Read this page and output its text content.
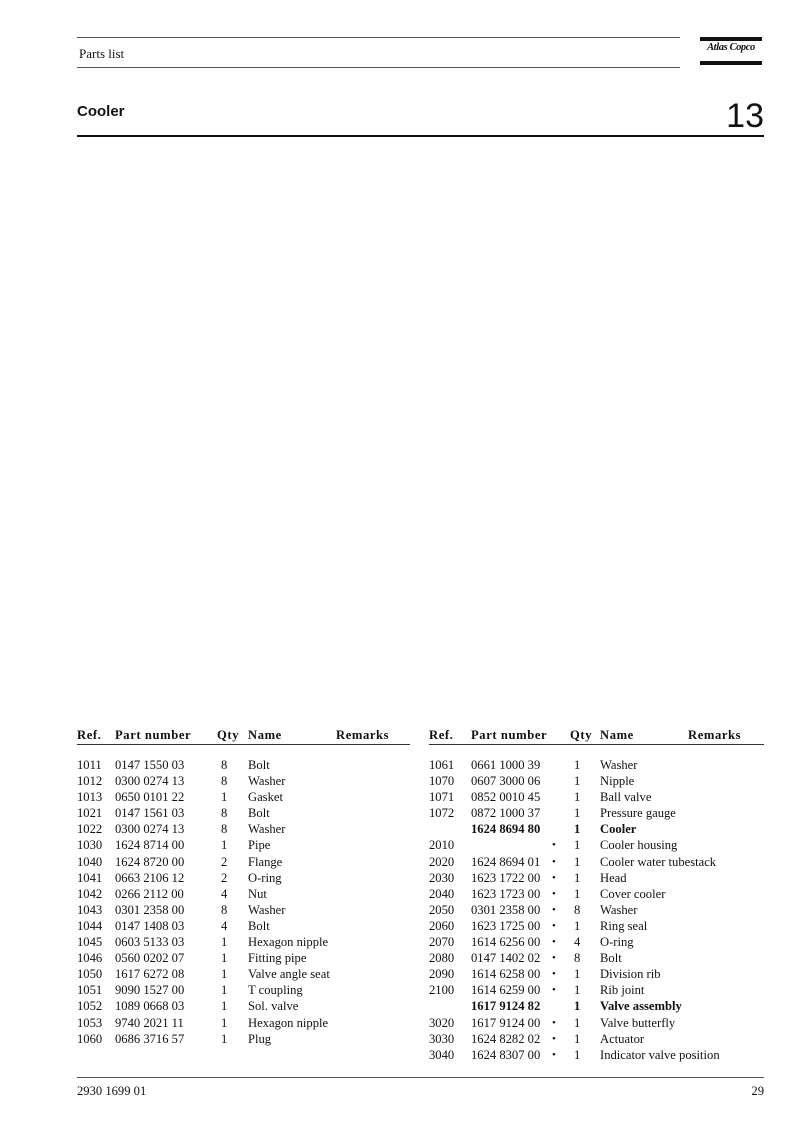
Parts list	Atlas Copco
Cooler	13
Ref. Part number Qty Name	Remarks
1011 0147 1550 03	8 Bolt
1012 0300 0274 13	8 Washer
1013 0650 0101 22	1 Gasket
1021 0147 1561 03	8 Bolt
1022 0300 0274 13	8 Washer
1030 1624 8714 00	1 Pipe
1040 1624 8720 00	2 Flange
1041 0663 2106 12	2 O-ring
1042 0266 2112 00	4 Nut
1043 0301 2358 00	8 Washer
1044 0147 1408 03	4 Bolt
1045 0603 5133 03	1 Hexagon nipple
1046 0560 0202 07	1 Fitting pipe
1050 1617 6272 08	1 Valve angle seat
1051 9090 1527 00	1 T coupling
1052 1089 0668 03	1 Sol. valve
1053 9740 2021 11	1 Hexagon nipple
1060 0686 3716 57	1 Plug
Ref. Part number Qty Name	Remarks
1061 0661 1000 39	1 Washer
1070 0607 3000 06	1 Nipple
1071 0852 0010 45	1 Ball valve
1072 0872 1000 37	1 Pressure gauge
1624 8694 80	1 Cooler
2010	• 1 Cooler housing
2020 1624 8694 01 • 1 Cooler water tubestack
2030 1623 1722 00 • 1 Head
2040 1623 1723 00 • 1 Cover cooler
2050 0301 2358 00 • 8 Washer
2060 1623 1725 00 • 1 Ring seal
2070 1614 6256 00 • 4 O-ring
2080 0147 1402 02 • 8 Bolt
2090 1614 6258 00 • 1 Division rib
2100 1614 6259 00 • 1 Rib joint
1617 9124 82	1 Valve assembly
3020 1617 9124 00 • 1 Valve butterfly
3030 1624 8282 02 • 1 Actuator
3040 1624 8307 00 • 1 Indicator valve position
2930 1699 01	29
